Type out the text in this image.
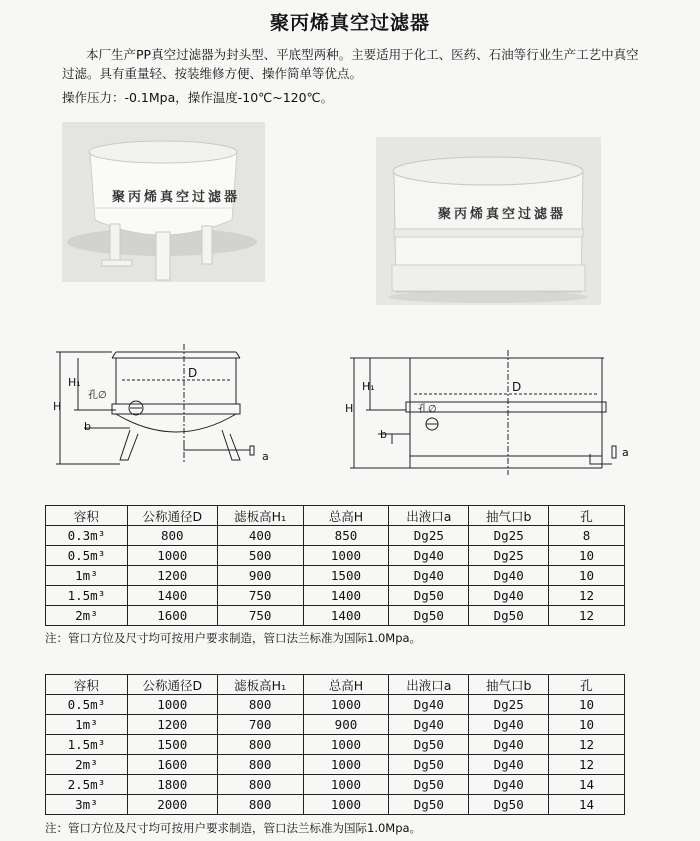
聚丙烯真空过滤器

本厂生产PP真空过滤器为封头型、平底型两种。主要适用于化工、医药、石油等行业生产工艺中真空过滤。具有重量轻、按装维修方便、操作简单等优点。

操作压力：-0.1Mpa，操作温度-10℃~120℃。
聚丙烯真空过滤器
聚丙烯真空过滤器
H
H₁
孔∅
b
D
a
H
H₁
孔∅
b
D
a
容积	公称通径D	滤板高H₁	总高H	出液口a	抽气口b	孔
0.3m³	800	400	850	Dg25	Dg25	8
0.5m³	1000	500	1000	Dg40	Dg25	10
1m³	1200	900	1500	Dg40	Dg40	10
1.5m³	1400	750	1400	Dg50	Dg40	12
2m³	1600	750	1400	Dg50	Dg50	12
注：管口方位及尺寸均可按用户要求制造，管口法兰标准为国际1.0Mpa。
容积	公称通径D	滤板高H₁	总高H	出液口a	抽气口b	孔
0.5m³	1000	800	1000	Dg40	Dg25	10
1m³	1200	700	900	Dg40	Dg40	10
1.5m³	1500	800	1000	Dg50	Dg40	12
2m³	1600	800	1000	Dg50	Dg40	12
2.5m³	1800	800	1000	Dg50	Dg40	14
3m³	2000	800	1000	Dg50	Dg50	14
注：管口方位及尺寸均可按用户要求制造，管口法兰标准为国际1.0Mpa。
